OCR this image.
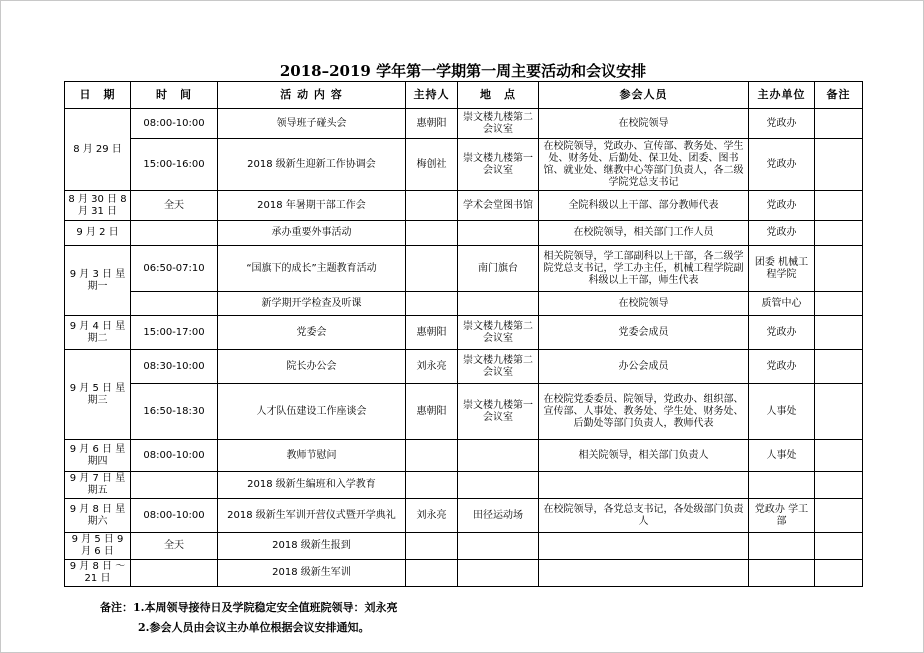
2018–2019 学年第一学期第一周主要活动和会议安排
日　期	时　间	活 动 内 容	主持人	地　点	参会人员	主办单位	备注
8 月 29 日	08:00-10:00	领导班子碰头会	惠朝阳	崇文楼九楼第二会议室	在校院领导	党政办	
	15:00-16:00	2018 级新生迎新工作协调会	梅创社	崇文楼九楼第一会议室	在校院领导，党政办、宣传部、教务处、学生处、财务处、后勤处、保卫处、团委、图书馆、就业处、继教中心等部门负责人，各二级学院党总支书记	党政办	
8 月 30 日 8 月 31 日	全天	2018 年暑期干部工作会		学术会堂图书馆	全院科级以上干部、部分教师代表	党政办	
9 月 2 日		承办重要外事活动			在校院领导，相关部门工作人员	党政办	
9 月 3 日 星期一	06:50-07:10	“国旗下的成长”主题教育活动		南门旗台	相关院领导，学工部副科以上干部，各二级学院党总支书记，学工办主任，机械工程学院副科级以上干部，师生代表	团委 机械工程学院	
		新学期开学检查及听课			在校院领导	质管中心	
9 月 4 日 星期二	15:00-17:00	党委会	惠朝阳	崇文楼九楼第二会议室	党委会成员	党政办	
9 月 5 日 星期三	08:30-10:00	院长办公会	刘永亮	崇文楼九楼第二会议室	办公会成员	党政办	
	16:50-18:30	人才队伍建设工作座谈会	惠朝阳	崇文楼九楼第一会议室	在校院党委委员、院领导，党政办、组织部、宣传部、人事处、教务处、学生处、财务处、后勤处等部门负责人，教师代表	人事处	
9 月 6 日 星期四	08:00-10:00	教师节慰问			相关院领导，相关部门负责人	人事处	
9 月 7 日 星期五		2018 级新生编班和入学教育					
9 月 8 日 星期六	08:00-10:00	2018 级新生军训开营仪式暨开学典礼	刘永亮	田径运动场	在校院领导，各党总支书记，各处级部门负责人	党政办 学工部	
9 月 5 日 9 月 6 日	全天	2018 级新生报到					
9 月 8 日 ～21 日		2018 级新生军训					
备注：1.本周领导接待日及学院稳定安全值班院领导：刘永亮
2.参会人员由会议主办单位根据会议安排通知。
